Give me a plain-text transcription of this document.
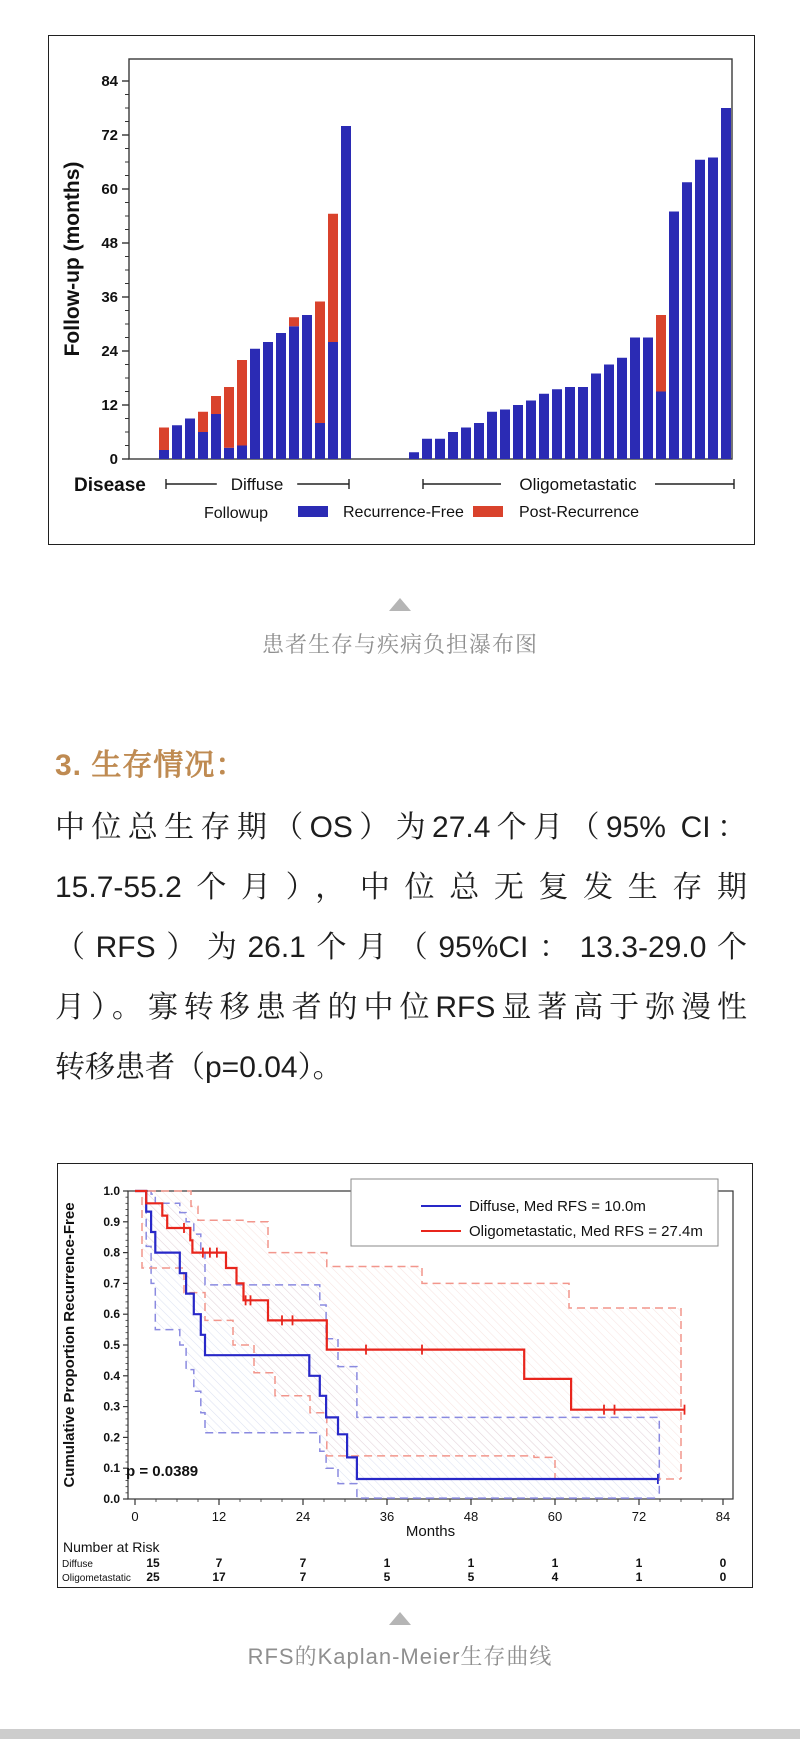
0
12
24
36
48
60
72
84
Follow-up (months)
Disease	Diffuse	Oligometastatic
Followup	Recurrence-Free	Post-Recurrence
患者生存与疾病负担瀑布图
3. 生存情况：
中位总生存期（OS）为27.4个月（95% CI：
15.7-55.2个月），中位总无复发生存期
（RFS）为26.1个月（95%CI：13.3-29.0个
月）。寡转移患者的中位RFS显著高于弥漫性
转移患者（p=0.04）。
0.0
0.1
0.2
0.3
0.4
0.5
0.6
0.7
0.8
0.9
1.0
Cumulative Proportion Recurrence-Free
0	12	24	36	48	60	72	84
Months
p = 0.0389
Diffuse, Med RFS = 10.0m
Oligometastatic, Med RFS = 27.4m
Number at Risk
Diffuse	15	7	7	1	1	1	1	0
Oligometastatic 25	17	7	5	5	4	1	0
RFS的Kaplan-Meier生存曲线
